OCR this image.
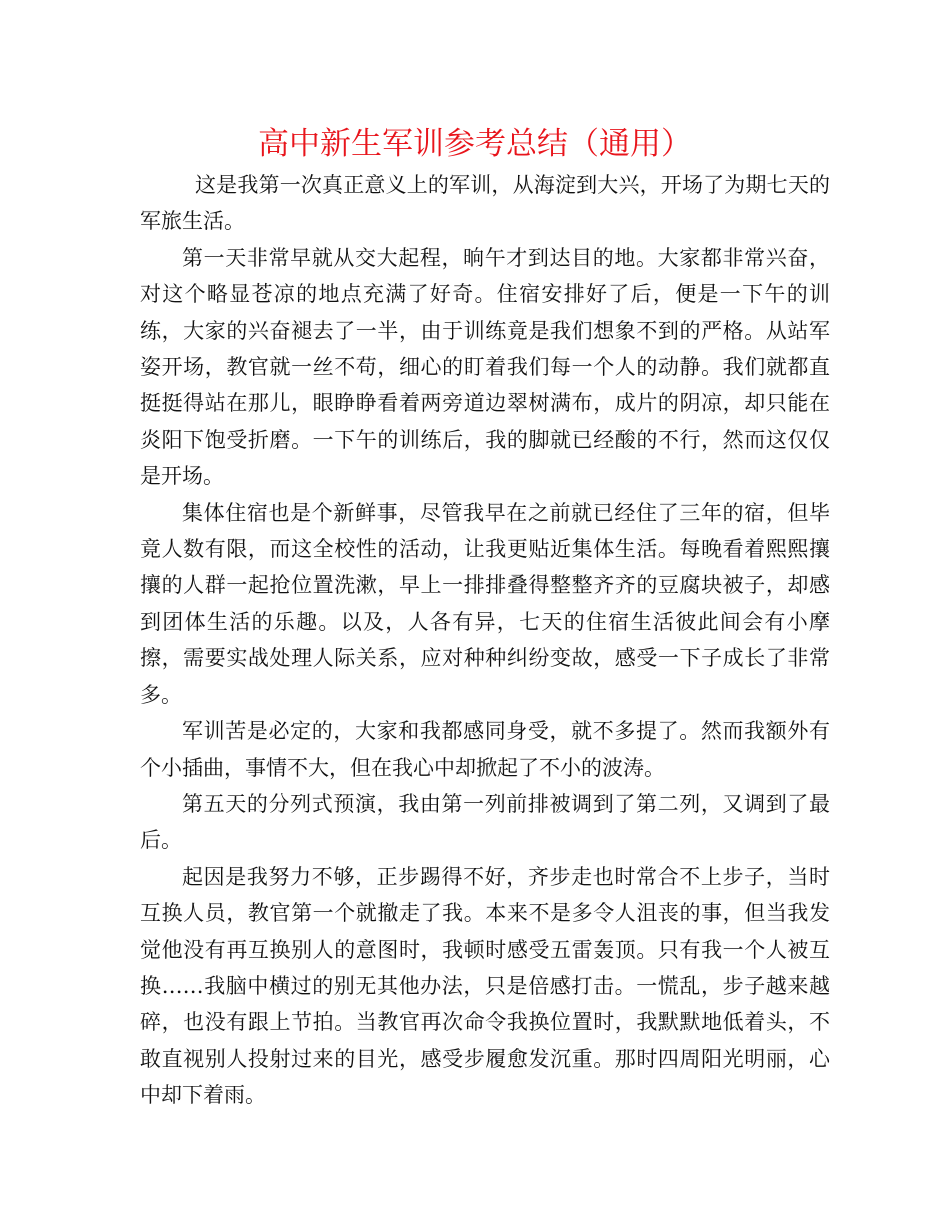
高中新生军训参考总结（通用）

这是我第一次真正意义上的军训，从海淀到大兴，开场了为期七天的军旅生活。

第一天非常早就从交大起程，晌午才到达目的地。大家都非常兴奋，对这个略显苍凉的地点充满了好奇。住宿安排好了后，便是一下午的训练，大家的兴奋褪去了一半，由于训练竟是我们想象不到的严格。从站军姿开场，教官就一丝不苟，细心的盯着我们每一个人的动静。我们就都直挺挺得站在那儿，眼睁睁看着两旁道边翠树满布，成片的阴凉，却只能在炎阳下饱受折磨。一下午的训练后，我的脚就已经酸的不行，然而这仅仅是开场。

集体住宿也是个新鲜事，尽管我早在之前就已经住了三年的宿，但毕竟人数有限，而这全校性的活动，让我更贴近集体生活。每晚看着熙熙攘攘的人群一起抢位置洗漱，早上一排排叠得整整齐齐的豆腐块被子，却感到团体生活的乐趣。以及，人各有异，七天的住宿生活彼此间会有小摩擦，需要实战处理人际关系，应对种种纠纷变故，感受一下子成长了非常多。

军训苦是必定的，大家和我都感同身受，就不多提了。然而我额外有个小插曲，事情不大，但在我心中却掀起了不小的波涛。

第五天的分列式预演，我由第一列前排被调到了第二列，又调到了最后。

起因是我努力不够，正步踢得不好，齐步走也时常合不上步子，当时互换人员，教官第一个就撤走了我。本来不是多令人沮丧的事，但当我发觉他没有再互换别人的意图时，我顿时感受五雷轰顶。只有我一个人被互换……我脑中横过的别无其他办法，只是倍感打击。一慌乱，步子越来越碎，也没有跟上节拍。当教官再次命令我换位置时，我默默地低着头，不敢直视别人投射过来的目光，感受步履愈发沉重。那时四周阳光明丽，心中却下着雨。
